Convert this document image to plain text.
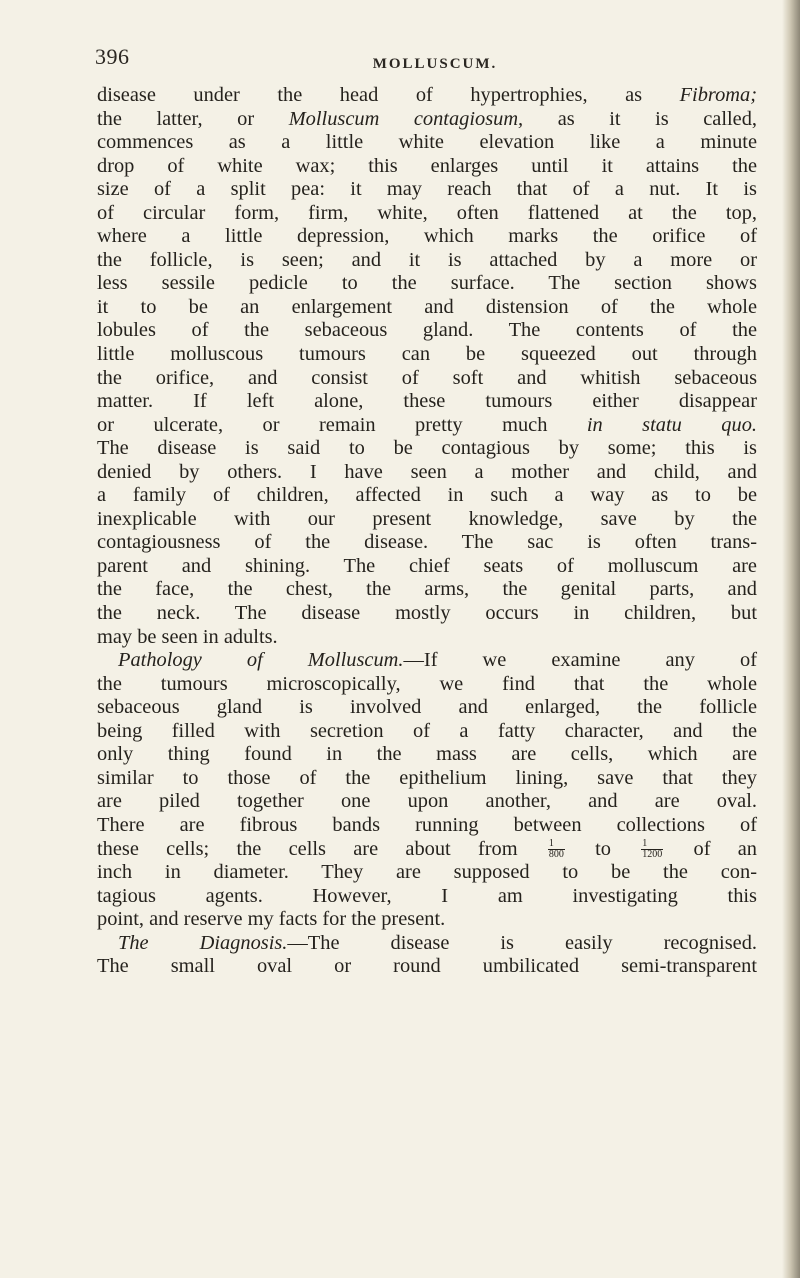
396	MOLLUSCUM.

disease under the head of hypertrophies, as Fibroma;

the latter, or Molluscum contagiosum, as it is called,

commences as a little white elevation like a minute

drop of white wax; this enlarges until it attains the

size of a split pea: it may reach that of a nut. It is

of circular form, firm, white, often flattened at the top,

where a little depression, which marks the orifice of

the follicle, is seen; and it is attached by a more or

less sessile pedicle to the surface. The section shows

it to be an enlargement and distension of the whole

lobules of the sebaceous gland. The contents of the

little molluscous tumours can be squeezed out through

the orifice, and consist of soft and whitish sebaceous

matter. If left alone, these tumours either disappear

or ulcerate, or remain pretty much in statu quo.

The disease is said to be contagious by some; this is

denied by others. I have seen a mother and child, and

a family of children, affected in such a way as to be

inexplicable with our present knowledge, save by the

contagiousness of the disease. The sac is often trans-

parent and shining. The chief seats of molluscum are

the face, the chest, the arms, the genital parts, and

the neck. The disease mostly occurs in children, but

may be seen in adults.

Pathology of Molluscum.—If we examine any of

the tumours microscopically, we find that the whole

sebaceous gland is involved and enlarged, the follicle

being filled with secretion of a fatty character, and the

only thing found in the mass are cells, which are

similar to those of the epithelium lining, save that they

are piled together one upon another, and are oval.

There are fibrous bands running between collections of

these cells; the cells are about from $\frac{1}{800}$ to $\frac{1}{1200}$ of an

inch in diameter. They are supposed to be the con-

tagious agents. However, I am investigating this

point, and reserve my facts for the present.

The Diagnosis.—The disease is easily recognised.

The small oval or round umbilicated semi-transparent
